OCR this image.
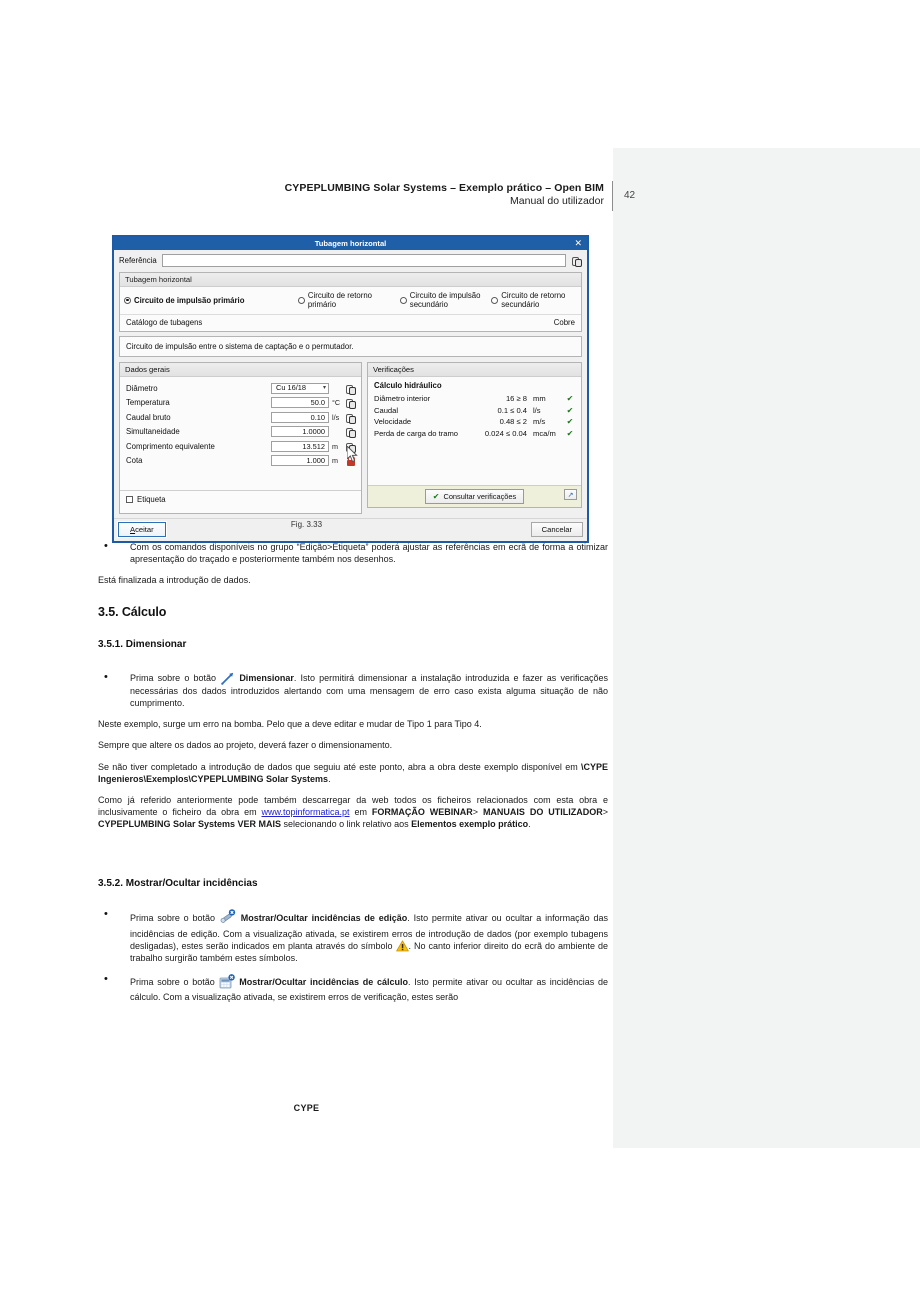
CYPEPLUMBING Solar Systems – Exemplo prático – Open BIM
Manual do utilizador
Tubagem horizontal	✕
Referência
Tubagem horizontal
Circuito de impulsão primário	Circuito de retorno primário
Circuito de impulsão secundário
Circuito de retorno secundário
Catálogo de tubagens	Cobre
Circuito de impulsão entre o sistema de captação e o permutador.
Dados gerais
Diâmetro	Cu 16/18	▾
Temperatura	50.0 °C
Caudal bruto	0.10 l/s
Simultaneidade	1.0000
Comprimento equivalente	13.512 m
Cota	1.000 m
Etiqueta
Verificações
Cálculo hidráulico
Diâmetro interior	16 ≥ 8 mm	✔
Caudal	0.1 ≤ 0.4 l/s	✔
Velocidade	0.48 ≤ 2 m/s	✔
Perda de carga do tramo	0.024 ≤ 0.04 mca/m	✔
✔ Consultar verificações	↗
Aceitar	Cancelar
Fig. 3.33

• Com os comandos disponíveis no grupo “Edição>Etiqueta” poderá ajustar as referências em ecrã de forma a otimizar apresentação do traçado e posteriormente também nos desenhos.

Está finalizada a introdução de dados.

3.5. Cálculo
3.5.1. Dimensionar

• Prima sobre o botão	Dimensionar. Isto permitirá dimensionar a instalação introduzida e fazer as verificações necessárias dos dados introduzidos alertando com uma mensagem de erro caso exista alguma situação de não cumprimento.

Neste exemplo, surge um erro na bomba. Pelo que a deve editar e mudar de Tipo 1 para Tipo 4.

Sempre que altere os dados ao projeto, deverá fazer o dimensionamento.

Se não tiver completado a introdução de dados que seguiu até este ponto, abra a obra deste exemplo disponível em \CYPE Ingenieros\Exemplos\CYPEPLUMBING Solar Systems.

Como já referido anteriormente pode também descarregar da web todos os ficheiros relacionados com esta obra e inclusivamente o ficheiro da obra em www.topinformatica.pt em FORMAÇÃO WEBINAR> MANUAIS DO UTILIZADOR> CYPEPLUMBING Solar Systems VER MAIS selecionando o link relativo aos Elementos exemplo prático.

3.5.2. Mostrar/Ocultar incidências

• Prima sobre o botão	Mostrar/Ocultar incidências de edição. Isto permite ativar ou ocultar a informação das incidências de edição. Com a visualização ativada, se existirem erros de introdução de dados (por exemplo tubagens desligadas), estes serão indicados em planta através do símbolo . No canto inferior direito do ecrã do ambiente de trabalho surgirão também estes símbolos.

• Prima sobre o botão	Mostrar/Ocultar incidências de cálculo. Isto permite ativar ou ocultar as incidências de cálculo. Com a visualização ativada, se existirem erros de verificação, estes serão

CYPE
42
